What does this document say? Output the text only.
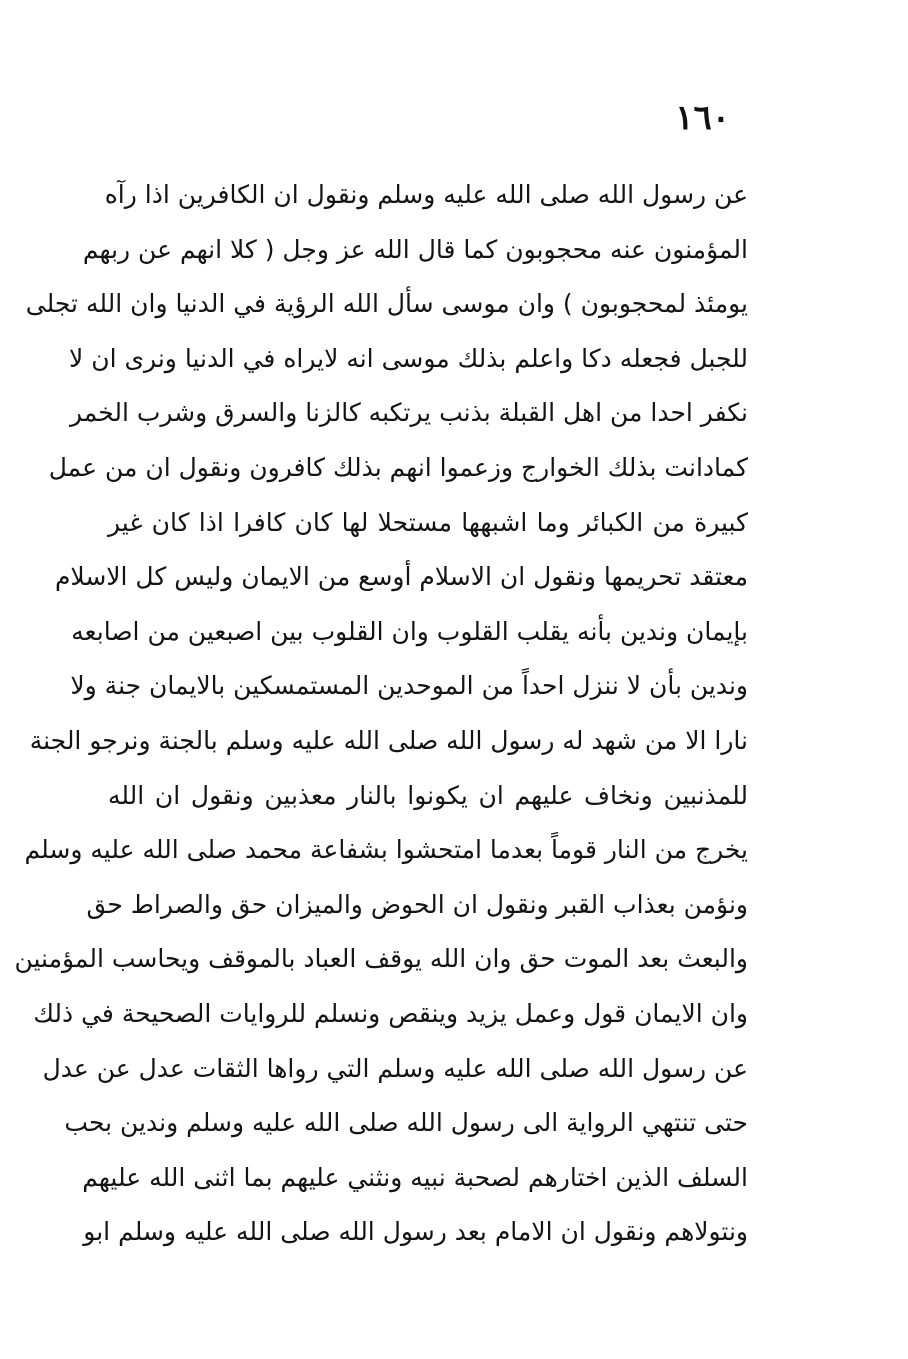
١٦٠
عن رسول الله صلى الله عليه وسلم ونقول ان الكافرين اذا رآه
المؤمنون عنه محجوبون كما قال الله عز وجل ( كلا انهم عن ربهم
يومئذ لمحجوبون ) وان موسى سأل الله الرؤية في الدنيا وان الله تجلى
للجبل فجعله دكا واعلم بذلك موسى انه لايراه في الدنيا ونرى ان لا
نكفر احدا من اهل القبلة بذنب يرتكبه كالزنا والسرق وشرب الخمر
كمادانت بذلك الخوارج وزعموا انهم بذلك كافرون ونقول ان من عمل
كبيرة من الكبائر وما اشبهها مستحلا لها كان كافرا اذا كان غير
معتقد تحريمها ونقول ان الاسلام أوسع من الايمان وليس كل الاسلام
بإيمان وندين بأنه يقلب القلوب وان القلوب بين اصبعين من اصابعه
وندين بأن لا ننزل احداً من الموحدين المستمسكين بالايمان جنة ولا
نارا الا من شهد له رسول الله صلى الله عليه وسلم بالجنة ونرجو الجنة
للمذنبين ونخاف عليهم ان يكونوا بالنار معذبين ونقول ان الله
يخرج من النار قوماً بعدما امتحشوا بشفاعة محمد صلى الله عليه وسلم
ونؤمن بعذاب القبر ونقول ان الحوض والميزان حق والصراط حق
والبعث بعد الموت حق وان الله يوقف العباد بالموقف ويحاسب المؤمنين
وان الايمان قول وعمل يزيد وينقص ونسلم للروايات الصحيحة في ذلك
عن رسول الله صلى الله عليه وسلم التي رواها الثقات عدل عن عدل
حتى تنتهي الرواية الى رسول الله صلى الله عليه وسلم وندين بحب
السلف الذين اختارهم لصحبة نبيه ونثني عليهم بما اثنى الله عليهم
ونتولاهم ونقول ان الامام بعد رسول الله صلى الله عليه وسلم ابو
